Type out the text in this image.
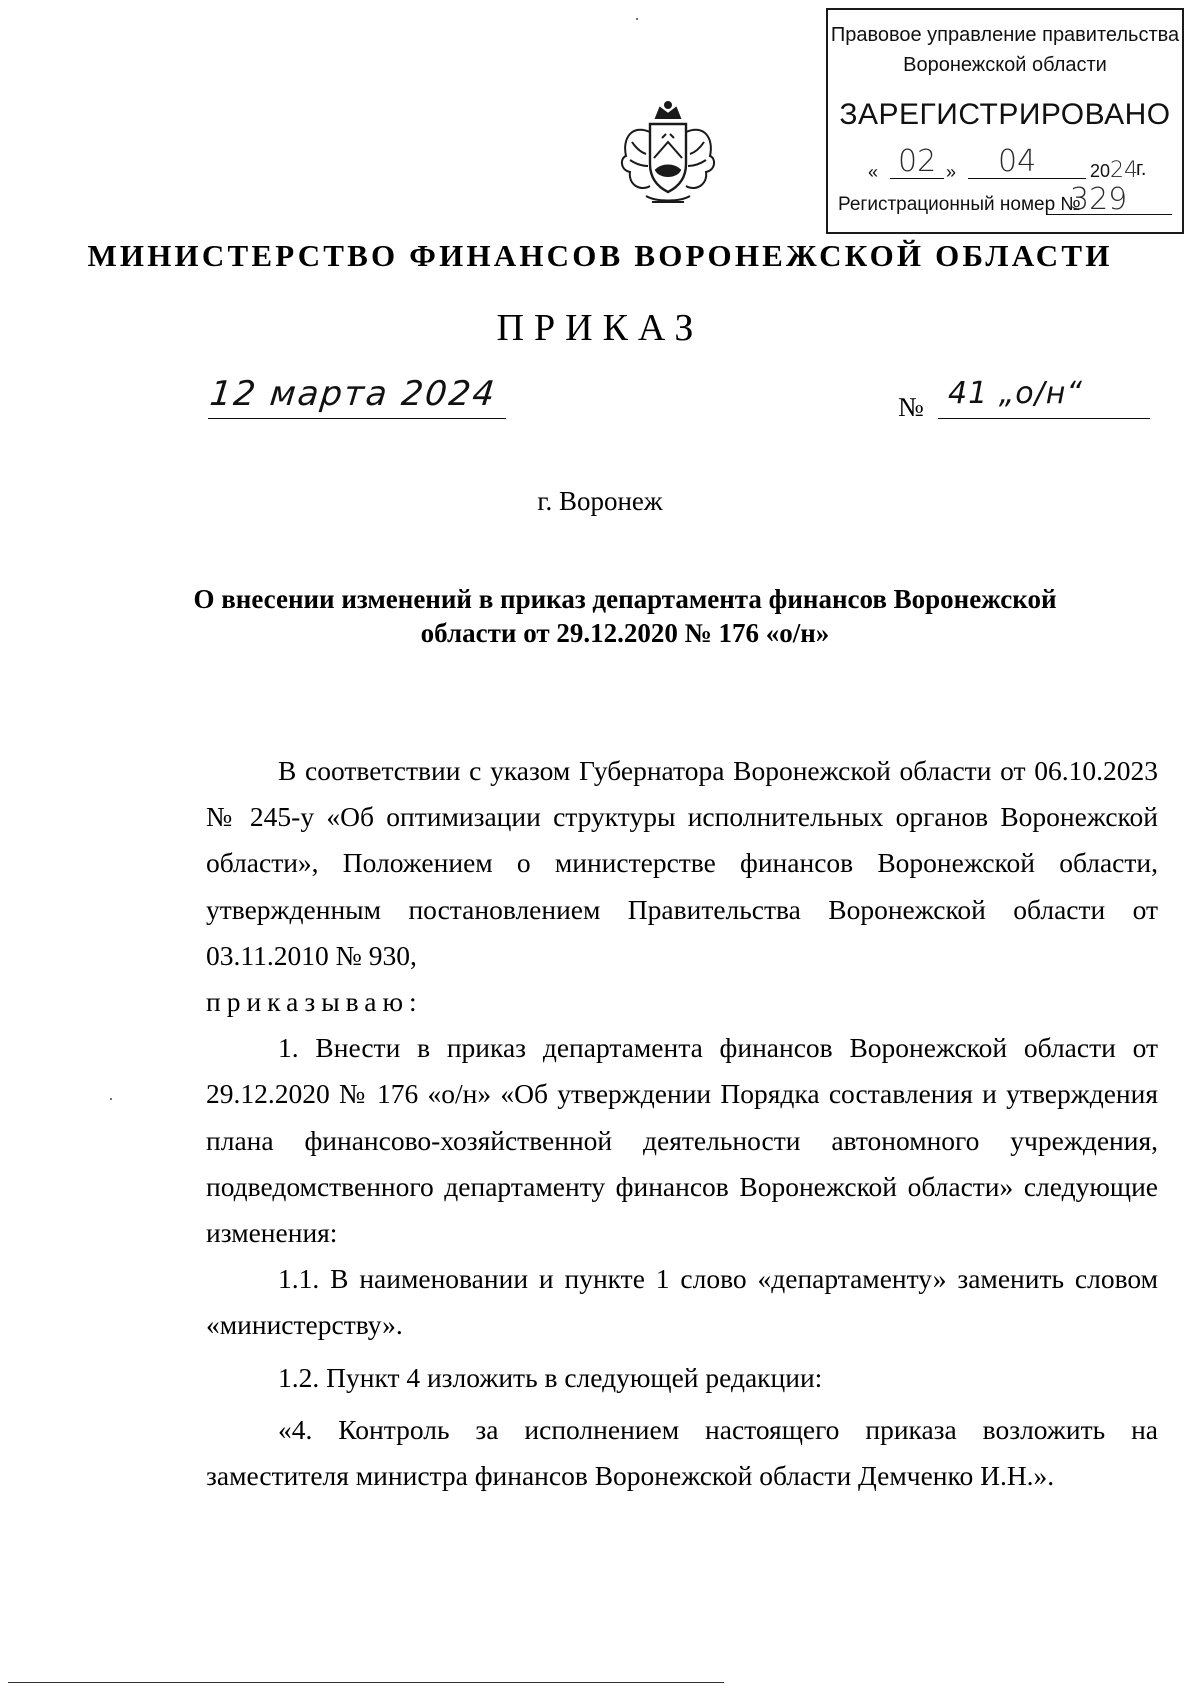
Правовое управление правительства
Воронежской области
ЗАРЕГИСТРИРОВАНО
« 02 » 04	2024
г.
Регистрационный номер №
329
МИНИСТЕРСТВО ФИНАНСОВ ВОРОНЕЖСКОЙ ОБЛАСТИ
ПРИКАЗ
12 марта 2024	№ 41 „о/н“
г. Воронеж
О внесении изменений в приказ департамента финансов Воронежской
области от 29.12.2020 № 176 «о/н»

В соответствии с указом Губернатора Воронежской области от 06.10.2023 № 245-у «Об оптимизации структуры исполнительных органов Воронежской области», Положением о министерстве финансов Воронежской области, утвержденным постановлением Правительства Воронежской области от 03.11.2010 № 930,

приказываю:

1. Внести в приказ департамента финансов Воронежской области от 29.12.2020 № 176 «о/н» «Об утверждении Порядка составления и утверждения плана финансово-хозяйственной деятельности автономного учреждения, подведомственного департаменту финансов Воронежской области» следующие изменения:

1.1. В наименовании и пункте 1 слово «департаменту» заменить словом «министерству».

1.2. Пункт 4 изложить в следующей редакции:

«4. Контроль за исполнением настоящего приказа возложить на заместителя министра финансов Воронежской области Демченко И.Н.».
